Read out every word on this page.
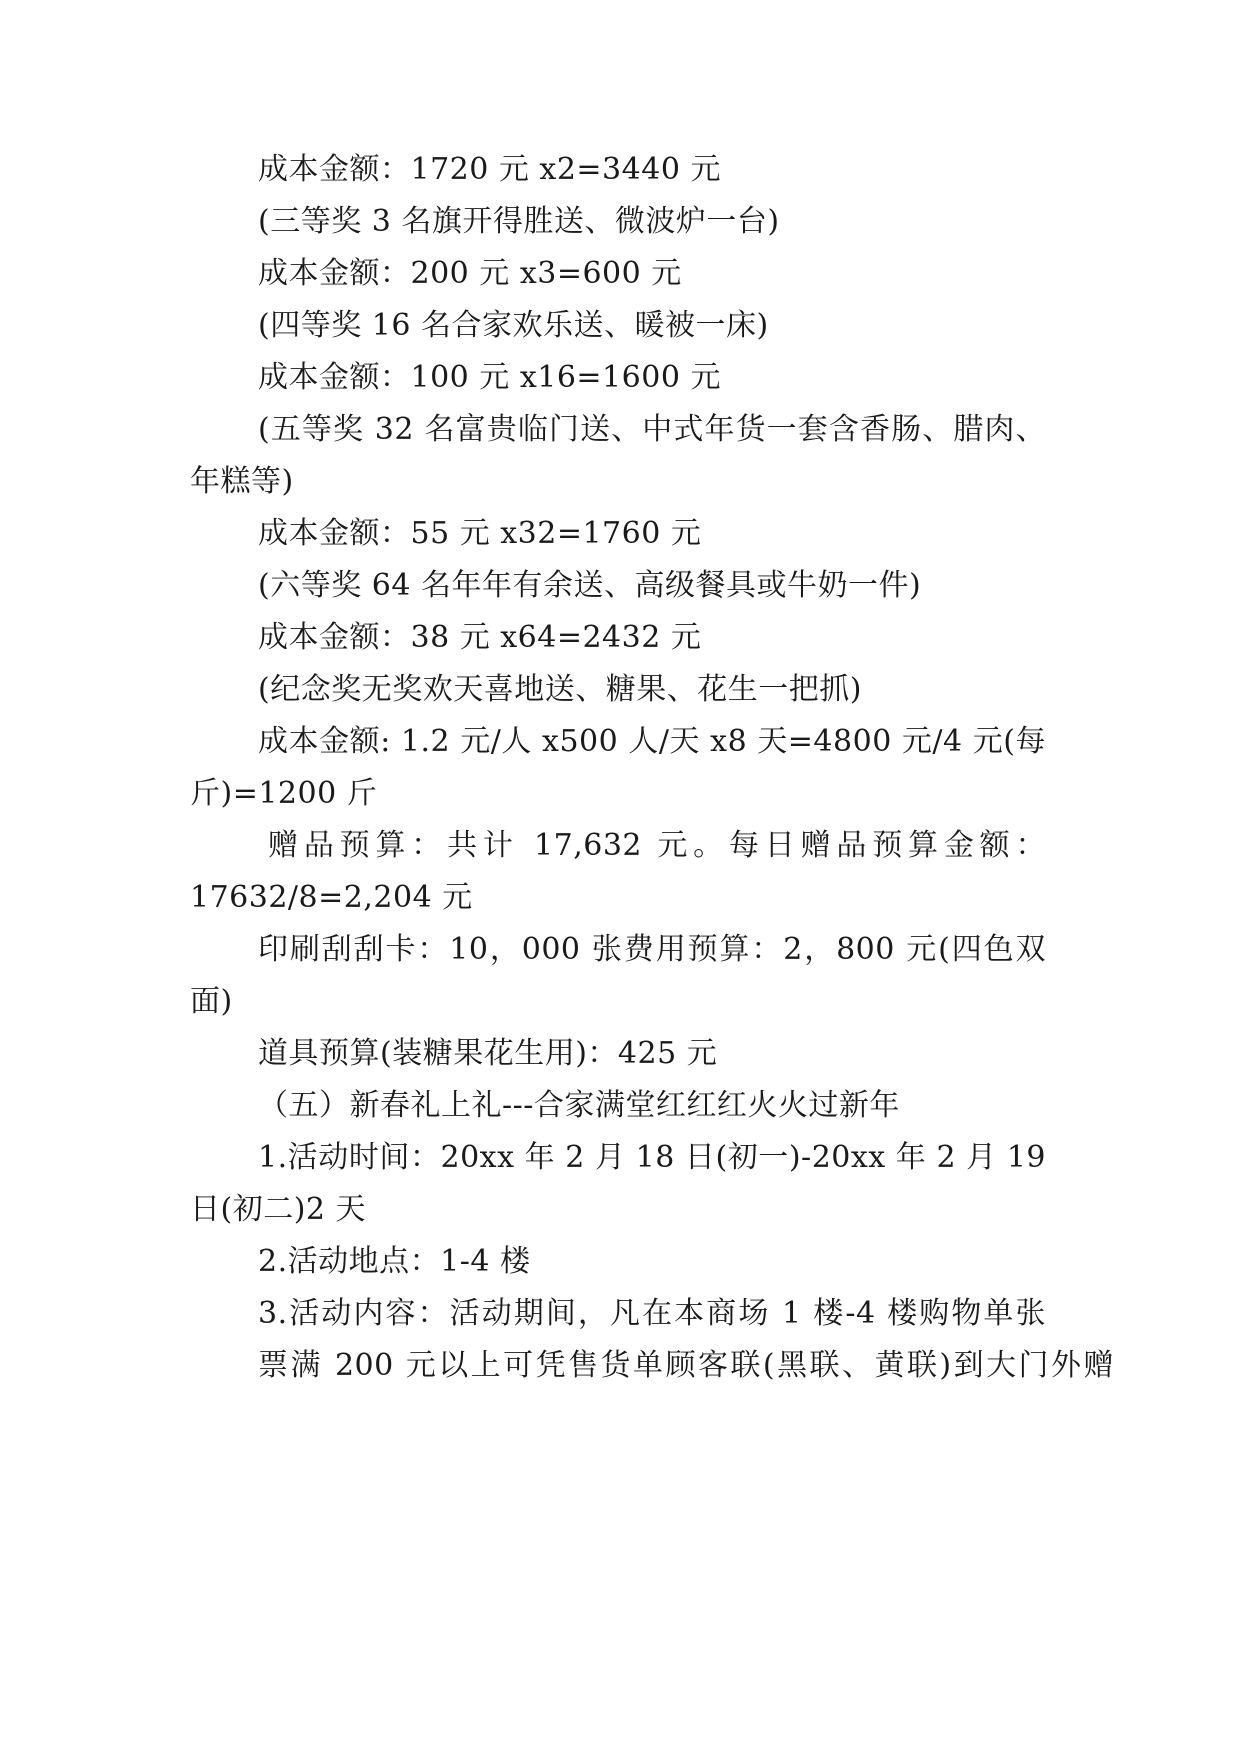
成本金额：1720 元 x2=3440 元
(三等奖 3 名旗开得胜送、微波炉一台)
成本金额：200 元 x3=600 元
(四等奖 16 名合家欢乐送、暖被一床)
成本金额：100 元 x16=1600 元
(五等奖 32 名富贵临门送、中式年货一套含香肠、腊肉、
年糕等)
成本金额：55 元 x32=1760 元
(六等奖 64 名年年有余送、高级餐具或牛奶一件)
成本金额：38 元 x64=2432 元
(纪念奖无奖欢天喜地送、糖果、花生一把抓)
成本金额: 1.2 元/人 x500 人/天 x8 天=4800 元/4 元(每
斤)=1200 斤
赠品预算：共计 17,632 元。每日赠品预算金额：
17632/8=2,204 元
印刷刮刮卡：10，000 张费用预算：2，800 元(四色双
面)
道具预算(装糖果花生用)：425 元
（五）新春礼上礼---合家满堂红红红火火过新年
1.活动时间：20xx 年 2 月 18 日(初一)-20xx 年 2 月 19
日(初二)2 天
2.活动地点：1-4 楼
3.活动内容：活动期间，凡在本商场 1 楼-4 楼购物单张
票满 200 元以上可凭售货单顾客联(黑联、黄联)到大门外赠
